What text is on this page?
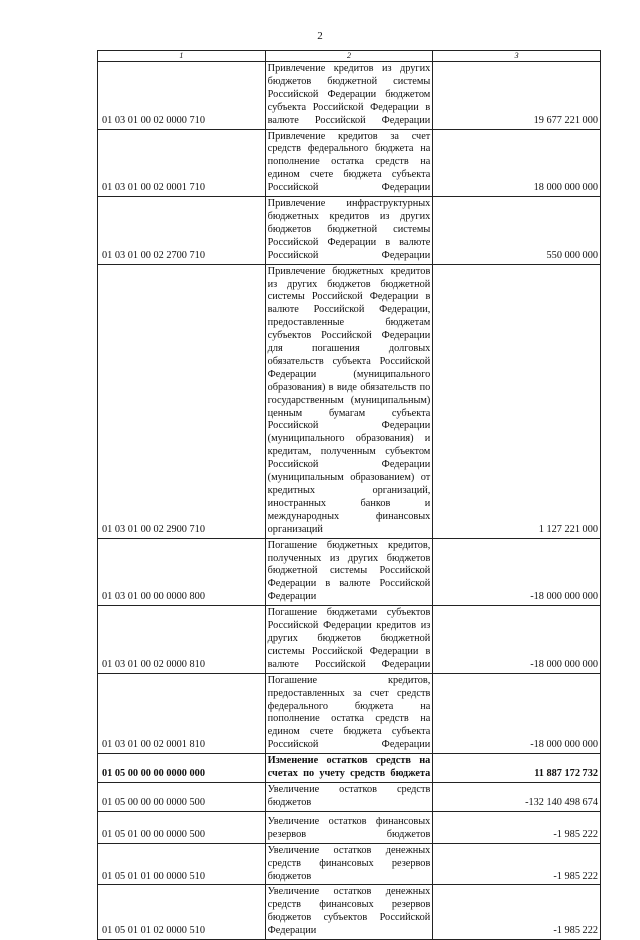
2
1	2	3
01 03 01 00 02 0000 710	Привлечение кредитов из других бюджетов бюджетной системы Российской Федерации бюджетом субъекта Российской Федерации в валюте Российской Федерации	19 677 221 000
01 03 01 00 02 0001 710	Привлечение кредитов за счет средств федерального бюджета на пополнение остатка средств на едином счете бюджета субъекта Российской Федерации	18 000 000 000
01 03 01 00 02 2700 710	Привлечение инфраструктурных бюджетных кредитов из других бюджетов бюджетной системы Российской Федерации в валюте Российской Федерации	550 000 000
01 03 01 00 02 2900 710	Привлечение бюджетных кредитов из других бюджетов бюджетной системы Российской Федерации в валюте Российской Федерации, предоставленные бюджетам субъектов Российской Федерации для погашения долговых обязательств субъекта Российской Федерации (муниципального образования) в виде обязательств по государственным (муниципальным) ценным бумагам субъекта Российской Федерации (муниципального образования) и кредитам, полученным субъектом Российской Федерации (муниципальным образованием) от кредитных организаций, иностранных банков и международных финансовых организаций	1 127 221 000
01 03 01 00 00 0000 800	Погашение бюджетных кредитов, полученных из других бюджетов бюджетной системы Российской Федерации в валюте Российской Федерации	-18 000 000 000
01 03 01 00 02 0000 810	Погашение бюджетами субъектов Российской Федерации кредитов из других бюджетов бюджетной системы Российской Федерации в валюте Российской Федерации	-18 000 000 000
01 03 01 00 02 0001 810	Погашение кредитов, предоставленных за счет средств федерального бюджета на пополнение остатка средств на едином счете бюджета субъекта Российской Федерации	-18 000 000 000
01 05 00 00 00 0000 000	Изменение остатков средств на счетах по учету средств бюджета	11 887 172 732
01 05 00 00 00 0000 500	Увеличение остатков средств бюджетов	-132 140 498 674
01 05 01 00 00 0000 500	Увеличение остатков финансовых резервов бюджетов	-1 985 222
01 05 01 01 00 0000 510	Увеличение остатков денежных средств финансовых резервов бюджетов	-1 985 222
01 05 01 01 02 0000 510	Увеличение остатков денежных средств финансовых резервов бюджетов субъектов Российской Федерации	-1 985 222
